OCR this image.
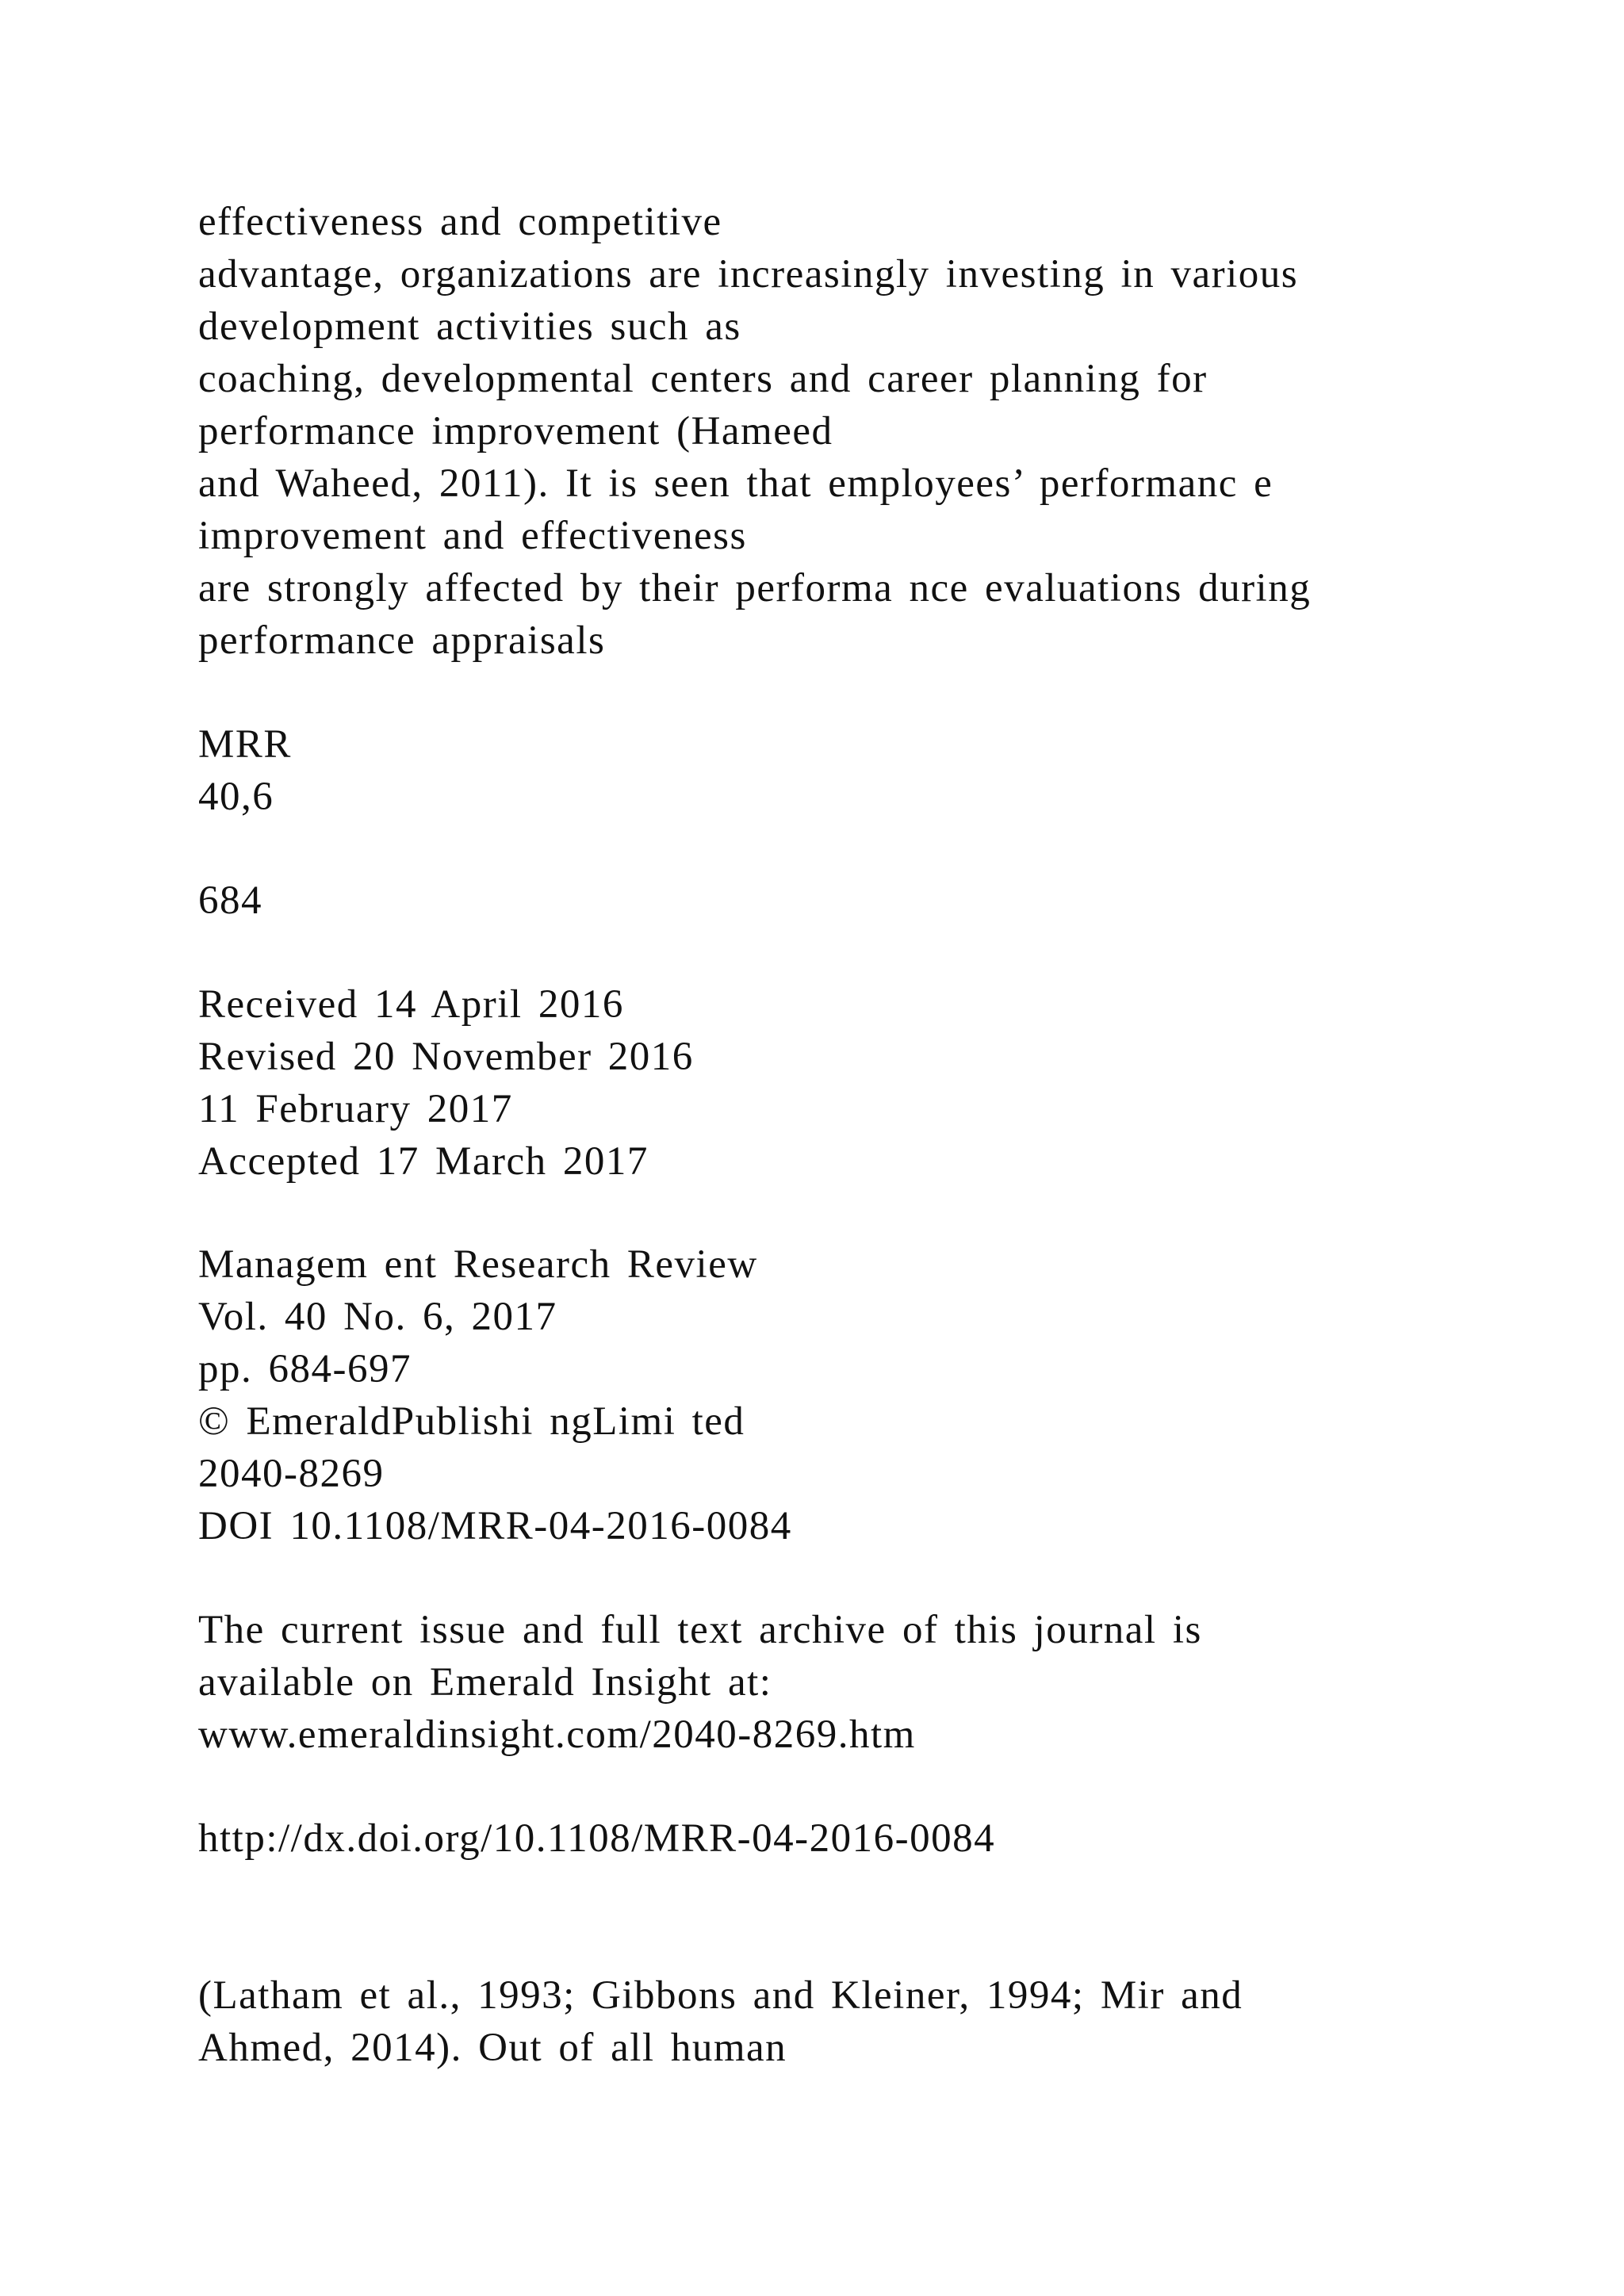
effectiveness and competitive
advantage, organizations are increasingly investing in various
development activities such as
coaching, developmental centers and career planning for
performance improvement (Hameed
and Waheed, 2011). It is seen that employees’ performanc e
improvement and effectiveness
are strongly affected by their performa nce evaluations during
performance appraisals
MRR
40,6
684
Received 14 April 2016
Revised 20 November 2016
11 February 2017
Accepted 17 March 2017
Managem ent Research Review
Vol. 40 No. 6, 2017
pp. 684-697
© EmeraldPublishi ngLimi ted
2040-8269
DOI 10.1108/MRR-04-2016-0084
The current issue and full text archive of this journal is
available on Emerald Insight at:
www.emeraldinsight.com/2040-8269.htm
http://dx.doi.org/10.1108/MRR-04-2016-0084
(Latham et al., 1993; Gibbons and Kleiner, 1994; Mir and
Ahmed, 2014). Out of all human
